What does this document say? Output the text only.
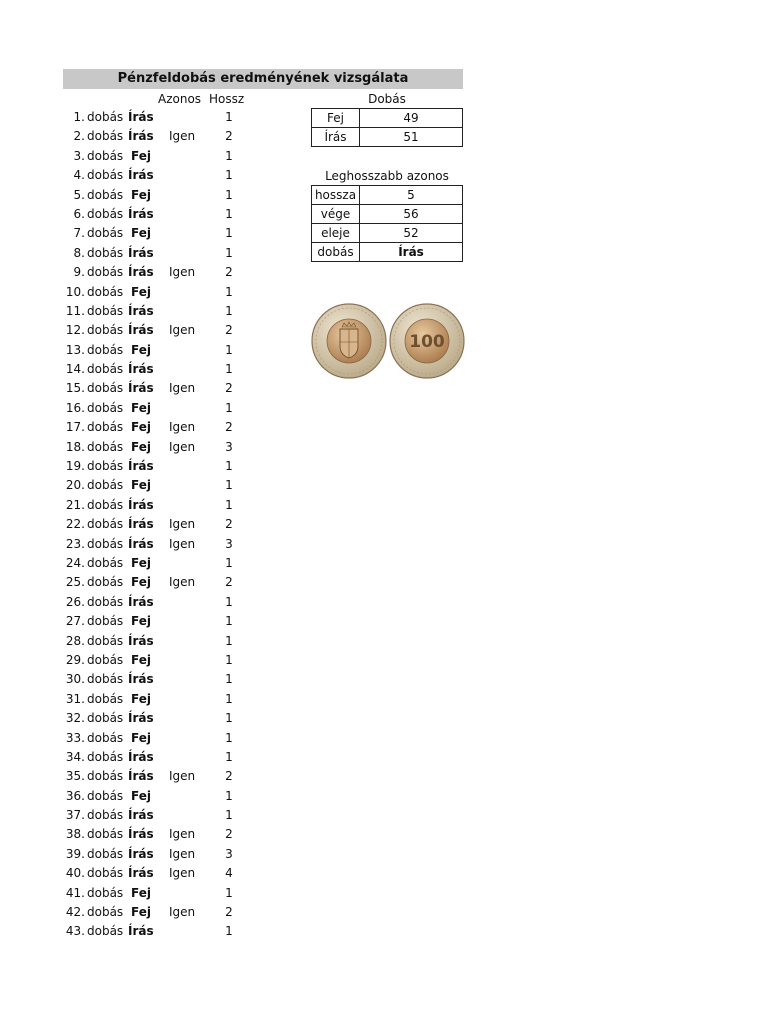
Pénzfeldobás eredményének vizsgálata
Azonos Hossz
1. dobás Írás	1
2. dobás Írás Igen	2
3. dobás Fej	1
4. dobás Írás	1
5. dobás Fej	1
6. dobás Írás	1
7. dobás Fej	1
8. dobás Írás	1
9. dobás Írás Igen	2
10. dobás Fej	1
11. dobás Írás	1
12. dobás Írás Igen	2
13. dobás Fej	1
14. dobás Írás	1
15. dobás Írás Igen	2
16. dobás Fej	1
17. dobás Fej Igen	2
18. dobás Fej Igen	3
19. dobás Írás	1
20. dobás Fej	1
21. dobás Írás	1
22. dobás Írás Igen	2
23. dobás Írás Igen	3
24. dobás Fej	1
25. dobás Fej Igen	2
26. dobás Írás	1
27. dobás Fej	1
28. dobás Írás	1
29. dobás Fej	1
30. dobás Írás	1
31. dobás Fej	1
32. dobás Írás	1
33. dobás Fej	1
34. dobás Írás	1
35. dobás Írás Igen	2
36. dobás Fej	1
37. dobás Írás	1
38. dobás Írás Igen	2
39. dobás Írás Igen	3
40. dobás Írás Igen	4
41. dobás Fej	1
42. dobás Fej Igen	2
43. dobás Írás	1
Dobás
Fej	49
Írás	51
Leghosszabb azonos
hossza	5
vége	56
eleje	52
dobás	Írás
100
